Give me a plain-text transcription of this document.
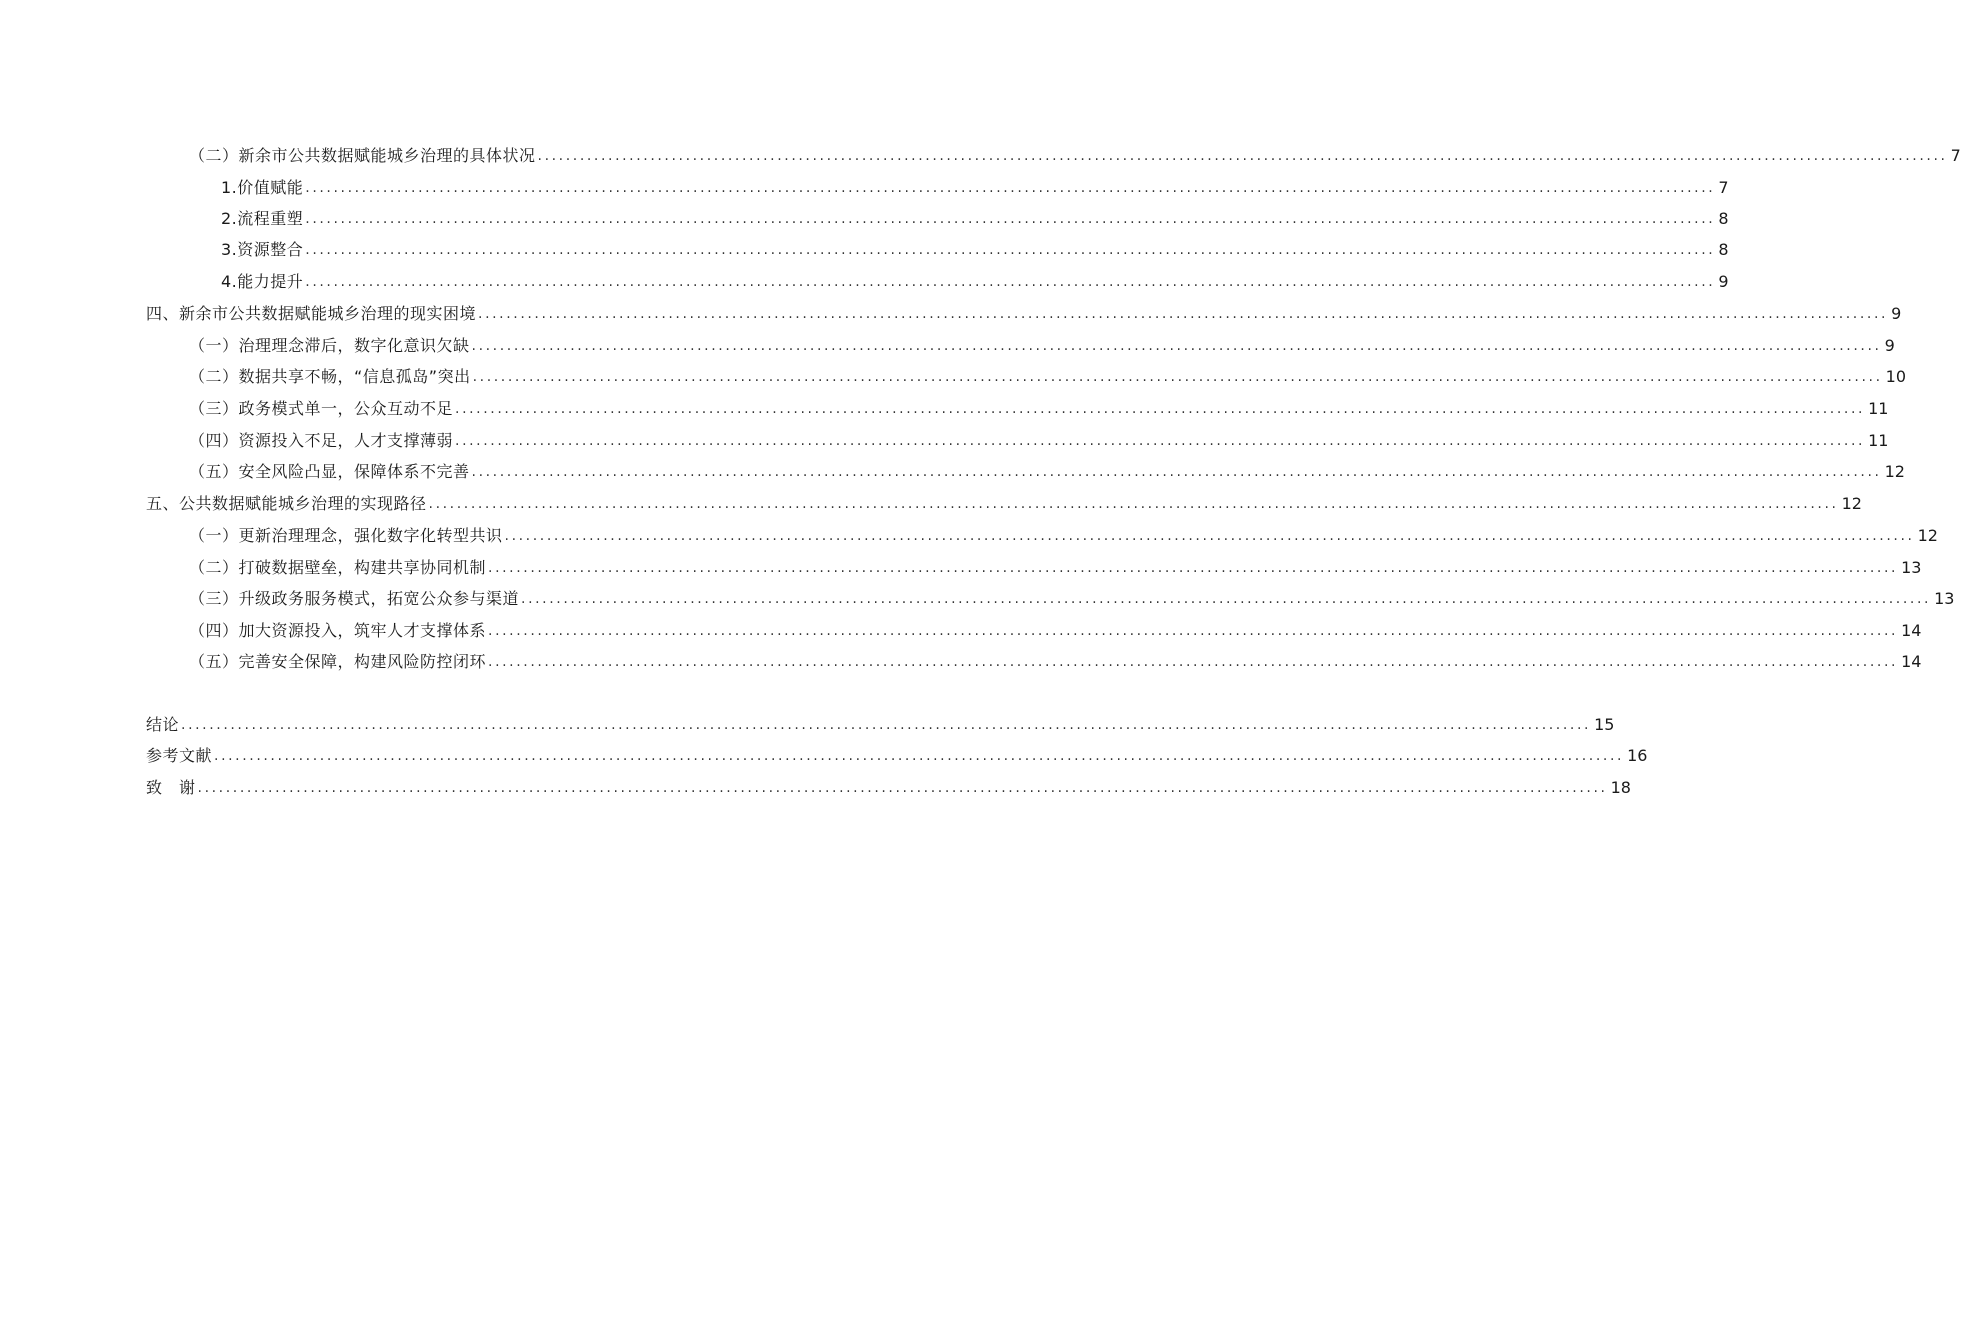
（二）新余市公共数据赋能城乡治理的具体状况 ........................................................................................................................................................................................................ 7
1.价值赋能 ........................................................................................................................................................................................................ 7
2.流程重塑 ........................................................................................................................................................................................................ 8
3.资源整合 ........................................................................................................................................................................................................ 8
4.能力提升 ........................................................................................................................................................................................................ 9
四、新余市公共数据赋能城乡治理的现实困境 ........................................................................................................................................................................................................ 9
（一）治理理念滞后，数字化意识欠缺 ........................................................................................................................................................................................................ 9
（二）数据共享不畅，“信息孤岛”突出 ........................................................................................................................................................................................................ 10
（三）政务模式单一，公众互动不足 ........................................................................................................................................................................................................ 11
（四）资源投入不足，人才支撑薄弱 ........................................................................................................................................................................................................ 11
（五）安全风险凸显，保障体系不完善 ........................................................................................................................................................................................................ 12
五、公共数据赋能城乡治理的实现路径 ........................................................................................................................................................................................................ 12
（一）更新治理理念，强化数字化转型共识 ........................................................................................................................................................................................................ 12
（二）打破数据壁垒，构建共享协同机制 ........................................................................................................................................................................................................ 13
（三）升级政务服务模式，拓宽公众参与渠道 ........................................................................................................................................................................................................ 13
（四）加大资源投入，筑牢人才支撑体系 ........................................................................................................................................................................................................ 14
（五）完善安全保障，构建风险防控闭环 ........................................................................................................................................................................................................ 14
结论 ........................................................................................................................................................................................................ 15
参考文献 ........................................................................................................................................................................................................ 16
致　谢 ........................................................................................................................................................................................................ 18
